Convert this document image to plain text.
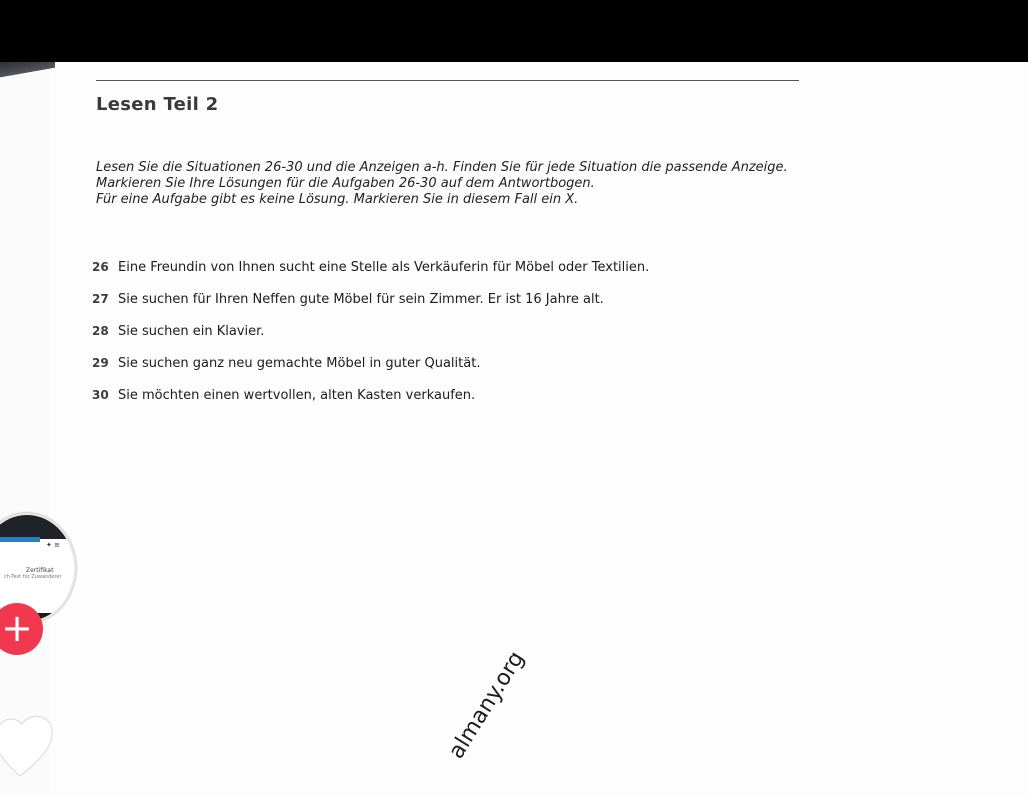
Lesen Teil 2

Lesen Sie die Situationen 26-30 und die Anzeigen a-h. Finden Sie für jede Situation die passende Anzeige.

Markieren Sie Ihre Lösungen für die Aufgaben 26-30 auf dem Antwortbogen.

Für eine Aufgabe gibt es keine Lösung. Markieren Sie in diesem Fall ein X.

26 Eine Freundin von Ihnen sucht eine Stelle als Verkäuferin für Möbel oder Textilien.
27 Sie suchen für Ihren Neffen gute Möbel für sein Zimmer. Er ist 16 Jahre alt.
28 Sie suchen ein Klavier.
29 Sie suchen ganz neu gemachte Möbel in guter Qualität.
30 Sie möchten einen wertvollen, alten Kasten verkaufen.
✦ ≡
Zertifikat
ch-Test für Zuwanderer
+
almany.org
